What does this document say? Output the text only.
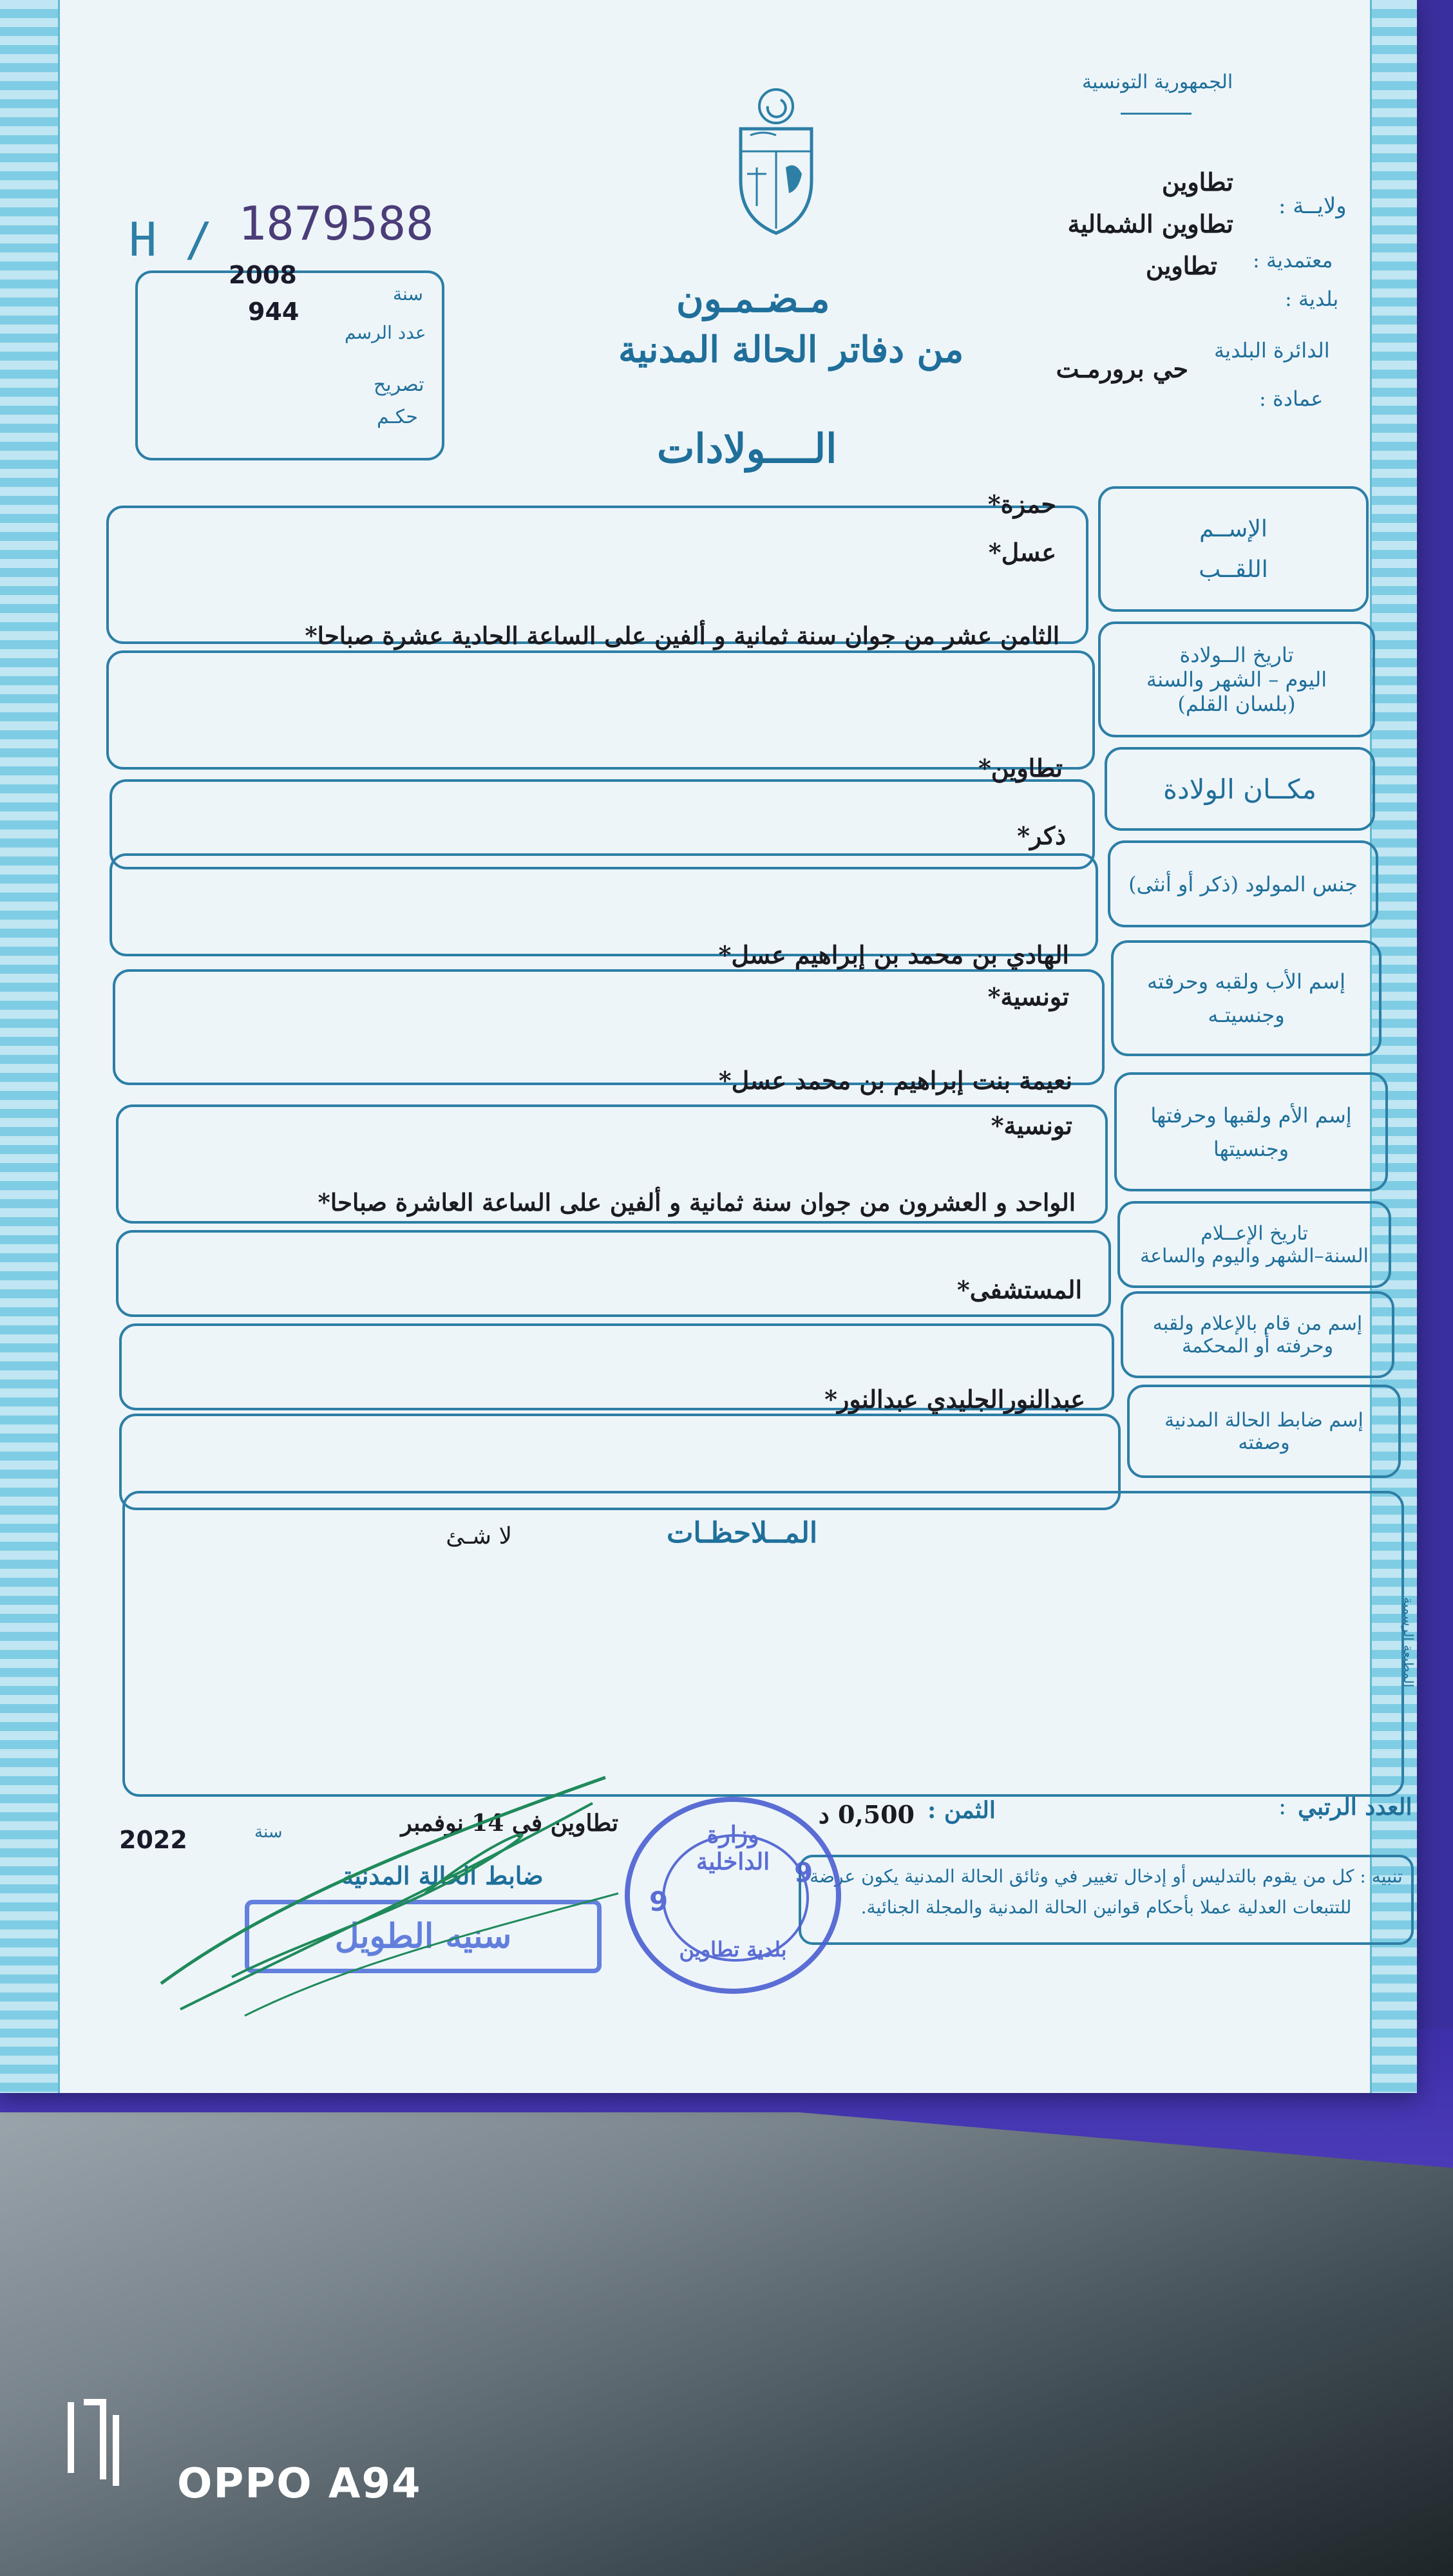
الجمهورية التونسية
H / 1879588
2008
944
سنة
عدد الرسم
تصريح
حكـم
مـضـمـون
من دفاتر الحالة المدنية
الــــولادات
ولايــة :
تطاوين
معتمدية :
تطاوين الشمالية
بلدية :
تطاوين
الدائرة البلدية
عمادة :
حي برورمـت
الإســم
اللقــب
حمزة*
عسل*
تاريخ الــولادة
اليوم – الشهر والسنة
(بلسان القلم)
الثامن عشر من جوان سنة ثمانية و ألفين على الساعة الحادية عشرة صباحا*
مكــان الولادة
تطاوين*
جنس المولود (ذكر أو أنثى)
ذكر*
إسم الأب ولقبه وحرفته
وجنسيتـه
الهادي بن محمد بن إبراهيم عسل*
تونسية*
إسم الأم ولقبها وحرفتها
وجنسيتها
نعيمة بنت إبراهيم بن محمد عسل*
تونسية*
تاريخ الإعــلام
السنة–الشهر واليوم والساعة
الواحد و العشرون من جوان سنة ثمانية و ألفين على الساعة العاشرة صباحا*
إسم من قام بالإعلام ولقبه
وحرفته أو المحكمة
المستشفى*
إسم ضابط الحالة المدنية
وصفته
عبدالنورالجليدي عبدالنور*
المــلاحظـات
لا شـئ
المطبعة الرسمية
العدد الرتبي
:
الثمن :
0,500 د
تطاوين في 14 نوفمبر
سنة
2022
ضابط الحالة المدنية	تنبيه : كل من يقوم بالتدليس أو إدخال تغيير في وثائق الحالة المدنية يكون عرضة للتتبعات العدلية عملا بأحكام قوانين الحالة المدنية والمجلة الجنائية.
وزارة الداخلية
بلدية تطاوين
9
9
سنيه الطويل
OPPO A94
